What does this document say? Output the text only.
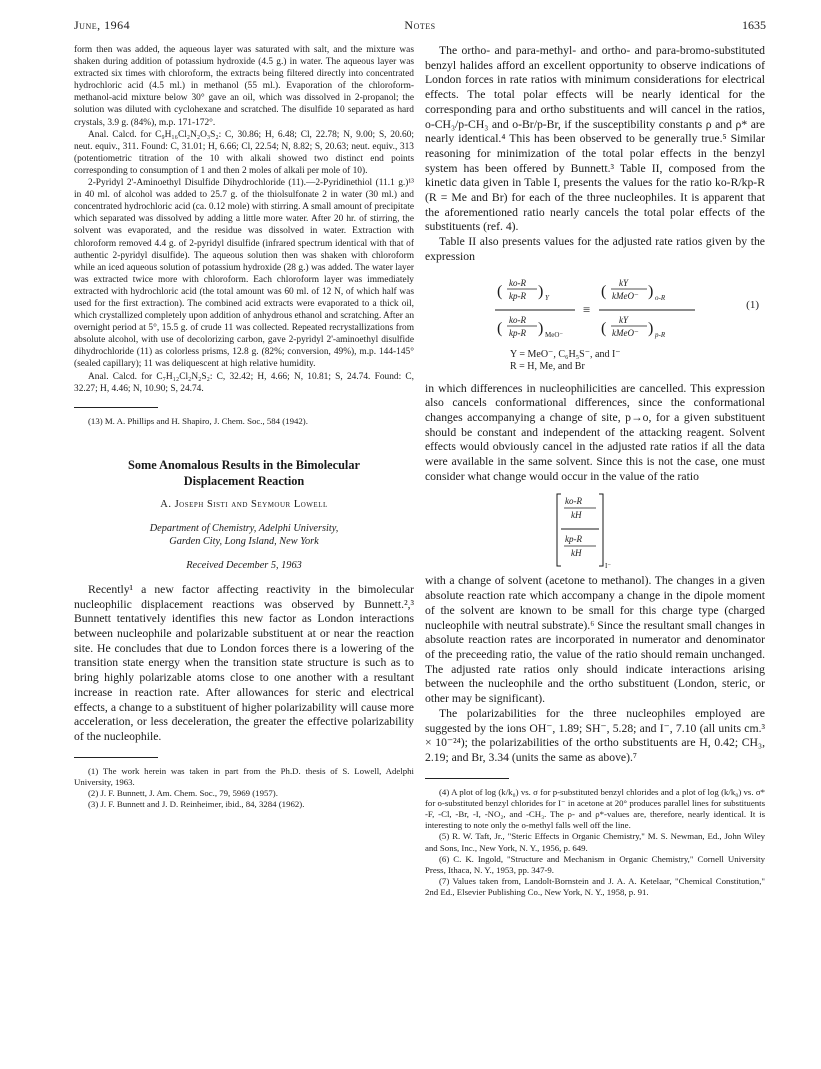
June, 1964	Notes	1635

form then was added, the aqueous layer was saturated with salt, and the mixture was shaken during addition of potassium hydroxide (4.5 g.) in water. The aqueous layer was extracted six times with chloroform, the extracts being filtered directly into concentrated hydrochloric acid (4.5 ml.) in methanol (55 ml.). Evaporation of the chloroform-methanol-acid mixture below 30° gave an oil, which was dissolved in 2-propanol; the solution was diluted with cyclohexane and scratched. The disulfide 10 separated as hard crystals, 3.9 g. (84%), m.p. 171-172°.

Anal. Calcd. for C₉H₁₆Cl₂N₂O₃S₂: C, 30.86; H, 6.48; Cl, 22.78; N, 9.00; S, 20.60; neut. equiv., 311. Found: C, 31.01; H, 6.66; Cl, 22.54; N, 8.82; S, 20.63; neut. equiv., 313 (potentiometric titration of the 10 with alkali showed two distinct end points corresponding to consumption of 1 and then 2 moles of alkali per mole of 10).

2-Pyridyl 2'-Aminoethyl Disulfide Dihydrochloride (11).—2-Pyridinethiol (11.1 g.)¹³ in 40 ml. of alcohol was added to 25.7 g. of the thiolsulfonate 2 in water (30 ml.) and concentrated hydrochloric acid (ca. 0.12 mole) with stirring. A small amount of precipitate which separated was dissolved by adding a little more water. After 20 hr. of stirring, the solvent was evaporated, and the residue was dissolved in water. Extraction with chloroform removed 4.4 g. of 2-pyridyl disulfide (infrared spectrum identical with that of authentic 2-pyridyl disulfide). The aqueous solution then was shaken with chloroform while an iced aqueous solution of potassium hydroxide (28 g.) was added. The water layer was extracted twice more with chloroform. Each chloroform layer was immediately extracted with hydrochloric acid (the total amount was 60 ml. of 12 N, of which half was used for the first extraction). The combined acid extracts were evaporated to a thick oil, which crystallized completely upon addition of anhydrous ethanol and scratching. After an overnight period at 5°, 15.5 g. of crude 11 was collected. Repeated recrystallizations from absolute alcohol, with use of decolorizing carbon, gave 2-pyridyl 2'-aminoethyl disulfide dihydrochloride (11) as colorless prisms, 12.8 g. (82%; conversion, 49%), m.p. 144-145° (sealed capillary); 11 was deliquescent at high relative humidity.

Anal. Calcd. for C₇H₁₂Cl₂N₂S₂: C, 32.42; H, 4.66; N, 10.81; S, 24.74. Found: C, 32.27; H, 4.46; N, 10.90; S, 24.74.

(13) M. A. Phillips and H. Shapiro, J. Chem. Soc., 584 (1942).

Some Anomalous Results in the Bimolecular
Displacement Reaction
A. Joseph Sisti and Seymour Lowell
Department of Chemistry, Adelphi University,
Garden City, Long Island, New York
Received December 5, 1963

Recently¹ a new factor affecting reactivity in the bimolecular nucleophilic displacement reactions was observed by Bunnett.²,³ Bunnett tentatively identifies this new factor as London interactions between nucleophile and polarizable substituent at or near the reaction site. He concludes that due to London forces there is a lowering of the transition state energy when the transition state structure is such as to bring highly polarizable atoms close to one another with a resultant increase in reaction rate. After allowances for steric and electrical effects, a change to a substituent of higher polarizability will cause more acceleration, or less deceleration, the greater the effective polarizability of the nucleophile.

(1) The work herein was taken in part from the Ph.D. thesis of S. Lowell, Adelphi University, 1963.

(2) J. F. Bunnett, J. Am. Chem. Soc., 79, 5969 (1957).

(3) J. F. Bunnett and J. D. Reinheimer, ibid., 84, 3284 (1962).

The ortho- and para-methyl- and ortho- and para-bromo-substituted benzyl halides afford an excellent opportunity to observe indications of London forces in rate ratios with minimum considerations for electrical effects. The total polar effects will be nearly identical for the corresponding para and ortho substituents and will cancel in the ratios, o-CH₃/p-CH₃ and o-Br/p-Br, if the susceptibility constants ρ and ρ* are nearly identical.⁴ This has been observed to be generally true.⁵ Similar reasoning for minimization of the total polar effects in the benzyl system has been offered by Bunnett.³ Table II, composed from the kinetic data given in Table I, presents the values for the ratio ko-R/kp-R (R = Me and Br) for each of the three nucleophiles. It is apparent that the aforementioned ratio nearly cancels the total polar effects of the substituents (ref. 4).

Table II also presents values for the adjusted rate ratios given by the expression

( ko-R
kp-R ) Y
( ko-R
kp-R ) MeO⁻
≡
( kY
kMeO⁻ ) o-R
( kY
kMeO⁻ ) p-R
(1)
Y = MeO⁻, C₆H₅S⁻, and I⁻
R = H, Me, and Br

in which differences in nucleophilicities are cancelled. This expression also cancels conformational differences, since the conformational changes accompanying a change of site, p→o, for a given substituent should be constant and independent of the attacking reagent. Solvent effects would obviously cancel in the adjusted rate ratios if all the data were available in the same solvent. Since this is not the case, one must consider what change would occur in the value of the ratio

ko-R
kH
kp-R
kH
I⁻

with a change of solvent (acetone to methanol). The changes in a given absolute reaction rate which accompany a change in the dipole moment of the solvent are known to be small for this charge type (charged nucleophile with neutral substrate).⁶ Since the resultant small changes in absolute reaction rates are incorporated in numerator and denominator of the preceeding ratio, the value of the ratio should remain unchanged. The adjusted rate ratios only should indicate interactions arising between the nucleophile and the ortho substituent (London, steric, or other may be significant).

The polarizabilities for the three nucleophiles employed are suggested by the ions OH⁻, 1.89; SH⁻, 5.28; and I⁻, 7.10 (all units cm.³ × 10⁻²⁴); the polarizabilities of the ortho substituents are H, 0.42; CH₃, 2.19; and Br, 3.34 (units the same as above).⁷

(4) A plot of log (k/k₀) vs. σ for p-substituted benzyl chlorides and a plot of log (k/k₀) vs. σ* for o-substituted benzyl chlorides for I⁻ in acetone at 20° produces parallel lines for substituents -F, -Cl, -Br, -I, -NO₂, and -CH₃. The ρ- and ρ*-values are, therefore, nearly identical. It is interesting to note only the o-methyl falls well off the line.

(5) R. W. Taft, Jr., "Steric Effects in Organic Chemistry," M. S. Newman, Ed., John Wiley and Sons, Inc., New York, N. Y., 1956, p. 649.

(6) C. K. Ingold, "Structure and Mechanism in Organic Chemistry," Cornell University Press, Ithaca, N. Y., 1953, pp. 347-9.

(7) Values taken from, Landolt-Bornstein and J. A. A. Ketelaar, "Chemical Constitution," 2nd Ed., Elsevier Publishing Co., New York, N. Y., 1958, p. 91.
